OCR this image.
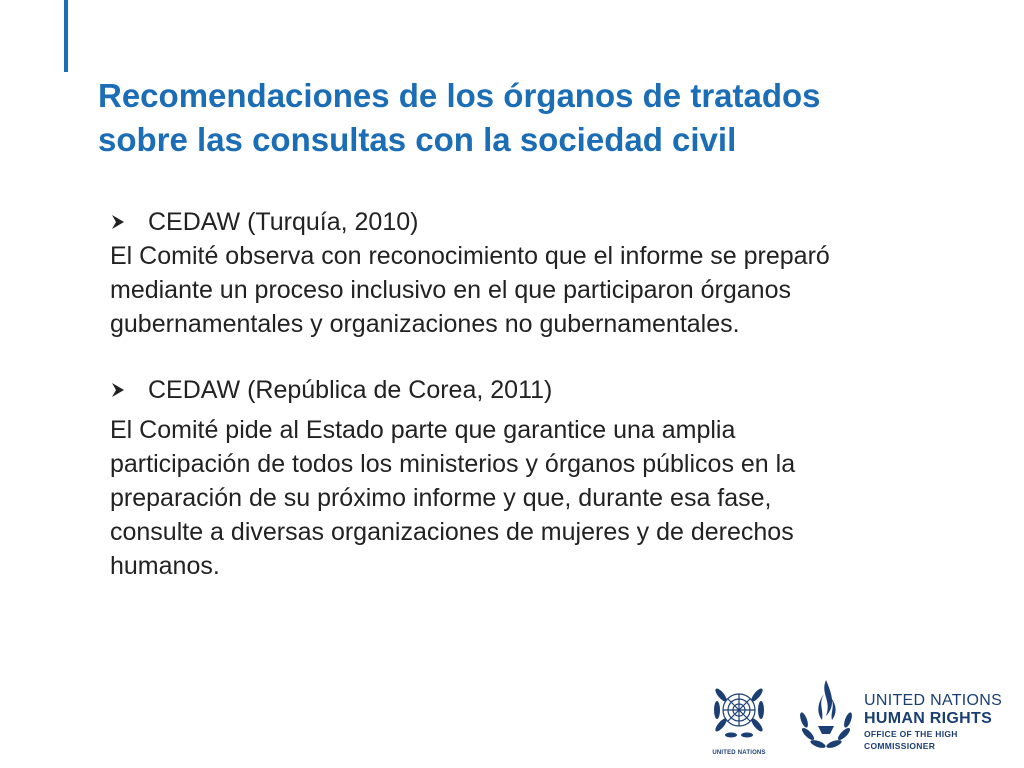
Recomendaciones de los órganos de tratados
sobre las consultas con la sociedad civil
CEDAW (Turquía, 2010)

El Comité observa con reconocimiento que el informe se preparó
mediante un proceso inclusivo en el que participaron órganos
gubernamentales y organizaciones no gubernamentales.

CEDAW (República de Corea, 2011)

El Comité pide al Estado parte que garantice una amplia
participación de todos los ministerios y órganos públicos en la
preparación de su próximo informe y que, durante esa fase,
consulte a diversas organizaciones de mujeres y de derechos
humanos.

UNITED NATIONS
UNITED NATIONS
HUMAN RIGHTS
OFFICE OF THE HIGH COMMISSIONER
